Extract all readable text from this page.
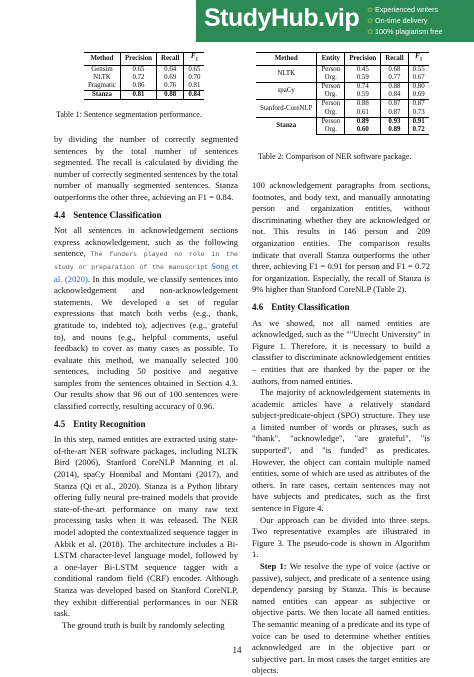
StudyHub.vip ✩ Experienced writers
✩ On-time delivery
✩ 100% plagiarism free
Method	Precision	Recall	$F_1$
Gensim	0.65	0.64	0.65
NLTK	0.72	0.69	0.70
Pragmatic	0.86	0.76	0.81
Stanza	0.81	0.88	0.84
Table 1: Sentence segmentation performance.
Method	Entity	Precision	Recall	$F_1$
NLTK	Person	0.45	0.68	0.55
	Org.	0.59	0.77	0.67
spaCy	Person	0.74	0.88	0.80
	Org.	0.59	0.84	0.69
Stanford-CoreNLP	Person	0.88	0.87	0.87
	Org.	0.61	0.87	0.73
Stanza	Person	0.89	0.93	0.91
	Org.	0.60	0.89	0.72
Table 2: Comparison of NER software package.

by dividing the number of correctly segmented sentences by the total number of sentences segmented. The recall is calculated by dividing the number of correctly segmented sentences by the total number of manually segmented sentences. Stanza outperforms the other three, achieving an F1 = 0.84.

4.4 Sentence Classification

Not all sentences in acknowledgement sections express acknowledgement, such as the following sentence, The funders played no role in the study or preparation of the manuscript Song et al. (2020). In this module, we classify sentences into acknowledgement and non-acknowledgement statements. We developed a set of regular expressions that match both verbs (e.g., thank, gratitude to, indebted to), adjectives (e.g., grateful to), and nouns (e.g., helpful comments, useful feedback) to cover as many cases as possible. To evaluate this method, we manually selected 100 sentences, including 50 positive and negative samples from the sentences obtained in Section 4.3. Our results show that 96 out of 100 sentences were classified correctly, resulting accuracy of 0.96.

4.5 Entity Recognition

In this step, named entities are extracted using state-of-the-art NER software packages, including NLTK Bird (2006), Stanford CoreNLP Manning et al. (2014), spaCy Honnibal and Montani (2017), and Stanza (Qi et al., 2020). Stanza is a Python library offering fully neural pre-trained models that provide state-of-the-art performance on many raw text processing tasks when it was released. The NER model adopted the contextualized sequence tagger in Akbik et al. (2018). The architecture includes a Bi-LSTM character-level language model, followed by a one-layer Bi-LSTM sequence tagger with a conditional random field (CRF) encoder. Although Stanza was developed based on Stanford CoreNLP, they exhibit differential performances in our NER task.

The ground truth is built by randomly selecting

100 acknowledgement paragraphs from sections, footnotes, and body text, and manually annotating person and organization entities, without discriminating whether they are acknowledged or not. This results in 146 person and 209 organization entities. The comparison results indicate that overall Stanza outperforms the other three, achieving F1 = 0.91 for person and F1 = 0.72 for organization. Especially, the recall of Stanza is 9% higher than Stanford CoreNLP (Table 2).

4.6 Entity Classification

As we showed, not all named entities are acknowledged, such as the ""Utrecht University" in Figure 1. Therefore, it is necessary to build a classifier to discriminate acknowledgement entities – entities that are thanked by the paper or the authors, from named entities.

The majority of acknowledgement statements in academic articles have a relatively standard subject-predicate-object (SPO) structure. They use a limited number of words or phrases, such as "thank", "acknowledge", "are grateful", "is supported", and "is funded" as predicates. However, the object can contain multiple named entities, some of which are used as attributes of the others. In rare cases, certain sentences may not have subjects and predicates, such as the first sentence in Figure 4.

Our approach can be divided into three steps. Two representative examples are illustrated in Figure 3. The pseudo-code is shown in Algorithm 1.

Step 1: We resolve the type of voice (active or passive), subject, and predicate of a sentence using dependency parsing by Stanza. This is because named entities can appear as subjective or objective parts. We then locate all named entities. The semantic meaning of a predicate and its type of voice can be used to determine whether entities acknowledged are in the objective part or subjective part. In most cases the target entities are objects.

14
